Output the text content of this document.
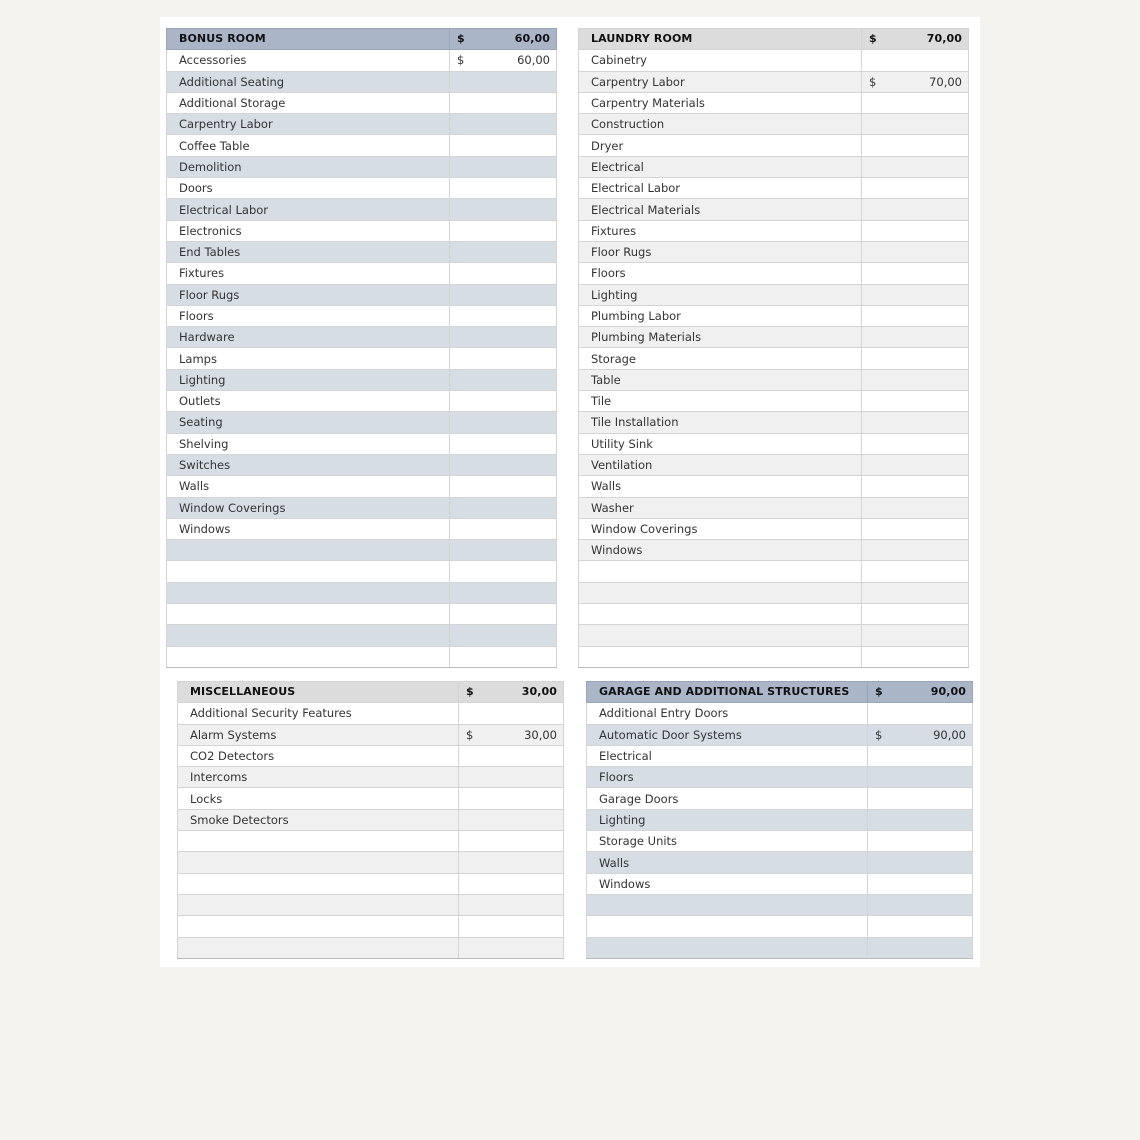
BONUS ROOM	$ 60,00

Accessories	$ 60,00

Additional Seating	

Additional Storage	

Carpentry Labor	

Coffee Table	

Demolition	

Doors	

Electrical Labor	

Electronics	

End Tables	

Fixtures	

Floor Rugs	

Floors	

Hardware	

Lamps	

Lighting	

Outlets	

Seating	

Shelving	

Switches	

Walls	

Window Coverings	

Windows	

LAUNDRY ROOM	$ 70,00

Cabinetry	

Carpentry Labor	$ 70,00

Carpentry Materials	

Construction	

Dryer	

Electrical	

Electrical Labor	

Electrical Materials	

Fixtures	

Floor Rugs	

Floors	

Lighting	

Plumbing Labor	

Plumbing Materials	

Storage	

Table	

Tile	

Tile Installation	

Utility Sink	

Ventilation	

Walls	

Washer	

Window Coverings	

Windows	

MISCELLANEOUS	$ 30,00

Additional Security Features	

Alarm Systems	$ 30,00

CO2 Detectors	

Intercoms	

Locks	

Smoke Detectors	

GARAGE AND ADDITIONAL STRUCTURES	$ 90,00

Additional Entry Doors	

Automatic Door Systems	$ 90,00

Electrical	

Floors	

Garage Doors	

Lighting	

Storage Units	

Walls	

Windows	
